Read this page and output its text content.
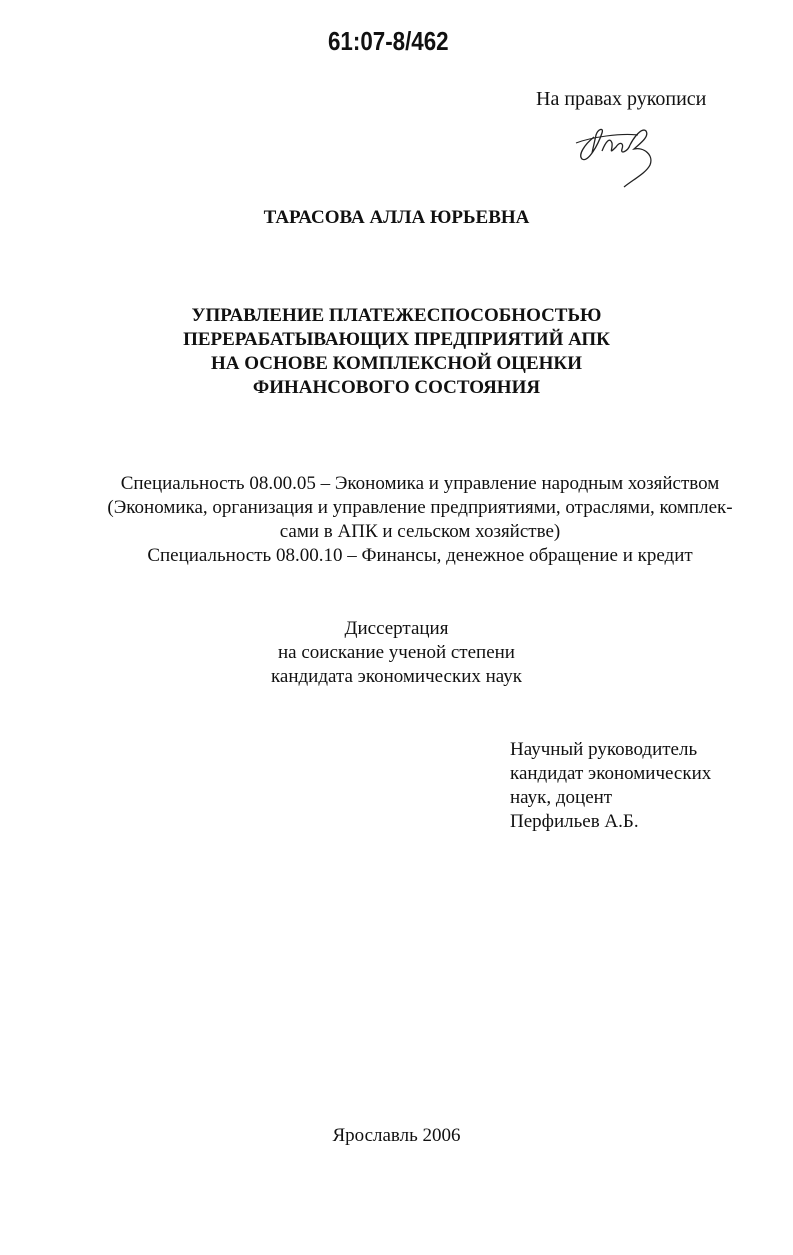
61:07-8/462
На правах рукописи
ТАРАСОВА АЛЛА ЮРЬЕВНА
УПРАВЛЕНИЕ ПЛАТЕЖЕСПОСОБНОСТЬЮ
ПЕРЕРАБАТЫВАЮЩИХ ПРЕДПРИЯТИЙ АПК
НА ОСНОВЕ КОМПЛЕКСНОЙ ОЦЕНКИ
ФИНАНСОВОГО СОСТОЯНИЯ
Специальность 08.00.05 – Экономика и управление народным хозяйством
(Экономика, организация и управление предприятиями, отраслями, комплек-
сами в АПК и сельском хозяйстве)
Специальность 08.00.10 – Финансы, денежное обращение и кредит
Диссертация
на соискание ученой степени
кандидата экономических наук
Научный руководитель
кандидат экономических
наук, доцент
Перфильев А.Б.
Ярославль 2006
